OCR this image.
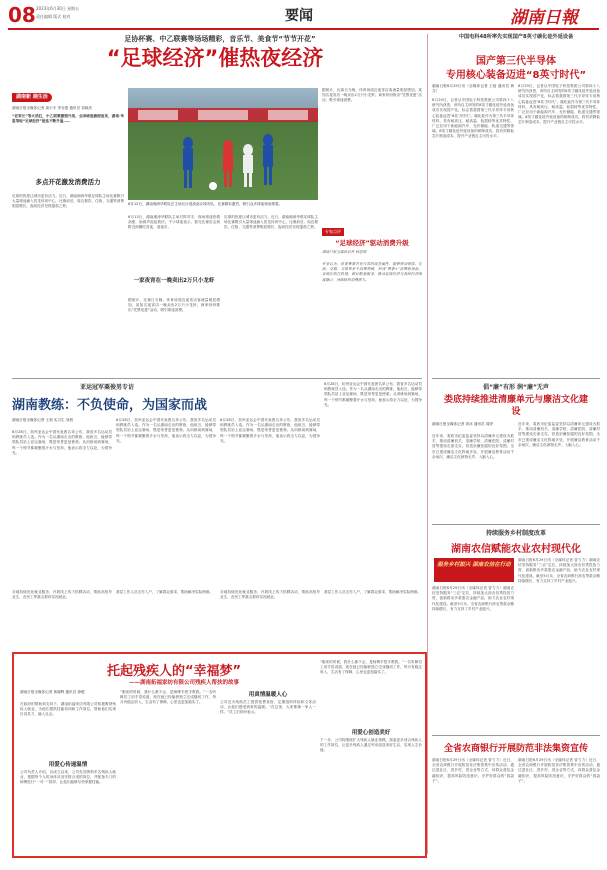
08 2023年6月30日 星期五
责任编辑 版式 校对	要闻	湖南日報
足协杯赛、中乙联赛等场场精彩，音乐节、美食节“节节开花”
“足球经济”催热夜经济
湖南新 湘生活
湖南日报全媒体记者 周小丰 李友强 通讯员 邹晓庆
“老家长”等火热红，中乙联赛激情开战，全国球迷蜂拥而来，湖南·华夏等地“足球经济”接连不断升温……
多点开花激发消费活力
足球的热度让城市更有活力。近日，湖南湘涛华联足球队主场比赛吸引大量球迷涌入贺龙体育中心，比赛前后，周边餐饮、住宿、交通等消费明显增长，夜间经济呈现蓬勃之势。
6月12日，湖南湘涛华联队在主场长沙迎战南京城市队，比赛精彩激烈，吸引众多球迷现场观看。
6月13日，湖南湘涛华联队主场对阵对手，现场球迷热情高涨，助威声此起彼伏。不少球迷表示，看完比赛后会到附近商圈吃宵夜、逛夜市。
一家夜宵在一晚卖出2万只小龙虾
据统计，比赛日当晚，体育场周边夜宵店客流量明显增加，某知名夜宵店一晚卖出2万只小龙虾。商家纷纷推出“凭票优惠”活动，吸引球迷消费。
足球的热度让城市更有活力。近日，湖南湘涛华联足球队主场比赛吸引大量球迷涌入贺龙体育中心，比赛前后，周边餐饮、住宿、交通等消费明显增长，夜间经济呈现蓬勃之势。
据统计，比赛日当晚，体育场周边夜宵店客流量明显增加，某知名夜宵店一晚卖出2万只小龙虾。商家纷纷推出“凭票优惠”活动，吸引球迷消费。
专家点评
“足球经济”驱动消费升级
湖南日报全媒体记者 杨思琪
专家认为，体育赛事具有天然的流量属性，能够带动餐饮、住宿、交通、文旅等多个消费领域，形成“赛事+”消费新场景。各地应抓住机遇，做好配套服务，推动足球经济与夜间经济深度融合，持续释放消费潜力。
中国电科48所率先实现国产8英寸碳化硅外延设备
国产第三代半导体
专用核心装备迈进“8英寸时代”
湖南日报6月29日讯（全媒体记者 王晗 通讯员 黄芬）
6月29日，记者从中国电子科技集团公司第四十八研究所获悉，该所自主研发的8英寸碳化硅外延设备成功实现国产化，标志着我国第三代半导体专用核心装备迈进“8英寸时代”。碳化硅作为第三代半导体材料，具有耐高压、耐高温、低损耗等优异特性，广泛应用于新能源汽车、光伏储能、轨道交通等领域。8英寸碳化硅外延设备的研制成功，将有效降低芯片制造成本，提升产业链自主可控水平。
6月29日，记者从中国电子科技集团公司第四十八研究所获悉，该所自主研发的8英寸碳化硅外延设备成功实现国产化，标志着我国第三代半导体专用核心装备迈进“8英寸时代”。碳化硅作为第三代半导体材料，具有耐高压、耐高温、低损耗等优异特性，广泛应用于新能源汽车、光伏储能、轨道交通等领域。8英寸碳化硅外延设备的研制成功，将有效降低芯片制造成本，提升产业链自主可控水平。
倡“廉”有形 润“廉”无声
娄底持续推进清廉单元与廉洁文化建设
湖南日报全媒体记者 刘冰 通讯员 周婷
近年来，娄底市纪委监委坚持以清廉单元建设为抓手，推动清廉机关、清廉学校、清廉医院、清廉村居等建设走深走实，营造崇廉拒腐的良好氛围。全市已建成廉洁文化阵地多处，开展廉洁教育活动千余场次，廉洁文化润物无声、入脑入心。
近年来，娄底市纪委监委坚持以清廉单元建设为抓手，推动清廉机关、清廉学校、清廉医院、清廉村居等建设走深走实，营造崇廉拒腐的良好氛围。全市已建成廉洁文化阵地多处，开展廉洁教育活动千余场次，廉洁文化润物无声、入脑入心。
持续服务乡村制度改革
湖南农信赋能农业农村现代化
服务乡村振兴 湖南农信在行动
湖南日报6月29日讯（全媒体记者 曾力力）湖南农信坚持服务“三农”定位，持续加大涉农信贷投放力度，创新推出多款惠农金融产品，助力农业农村现代化建设。截至5月末，全省农商银行涉农贷款余额持续增长，有力支持了乡村产业振兴。
湖南日报6月29日讯（全媒体记者 曾力力）湖南农信坚持服务“三农”定位，持续加大涉农信贷投放力度，创新推出多款惠农金融产品，助力农业农村现代化建设。截至5月末，全省农商银行涉农贷款余额持续增长，有力支持了乡村产业振兴。
全省农商银行开展防范非法集资宣传
湖南日报6月29日讯（全媒体记者 曾力力）近日，全省农商银行开展防范非法集资集中宣传活动，通过进社区、进乡村、进企业等方式，向群众普及金融知识，提高风险防范意识，守护好群众的“钱袋子”。
湖南日报6月29日讯（全媒体记者 曾力力）近日，全省农商银行开展防范非法集资集中宣传活动，通过进社区、进乡村、进企业等方式，向群众普及金融知识，提高风险防范意识，守护好群众的“钱袋子”。
亚运冠军粟俊男专访
湖南教练：不负使命，为国家而战
湖南日报全媒体记者 王莉 实习生 刘晨
6月28日，杭州亚运会中国代表团名单公布，我省多名运动员和教练员入选。作为一名从湖南走出的教练，他坦言，能够带领队员站上亚运赛场，既是荣誉更是使命。从训练场到赛场，每一个细节都凝聚着汗水与坚持，他表示将全力以赴，为国争光。
6月28日，杭州亚运会中国代表团名单公布，我省多名运动员和教练员入选。作为一名从湖南走出的教练，他坦言，能够带领队员站上亚运赛场，既是荣誉更是使命。从训练场到赛场，每一个细节都凝聚着汗水与坚持，他表示将全力以赴，为国争光。
6月28日，杭州亚运会中国代表团名单公布，我省多名运动员和教练员入选。作为一名从湖南走出的教练，他坦言，能够带领队员站上亚运赛场，既是荣誉更是使命。从训练场到赛场，每一个细节都凝聚着汗水与坚持，他表示将全力以赴，为国争光。
6月28日，杭州亚运会中国代表团名单公布，我省多名运动员和教练员入选。作为一名从湖南走出的教练，他坦言，能够带领队员站上亚运赛场，既是荣誉更是使命。从训练场到赛场，每一个细节都凝聚着汗水与坚持，他表示将全力以赴，为国争光。
各地持续优化就业服务，开展线上线下招聘活动，帮助高校毕业生、农民工等重点群体实现就业。
基层工作人员走村入户，了解群众需求，帮助解决实际困难。	各地持续优化就业服务，开展线上线下招聘活动，帮助高校毕业生、农民工等重点群体实现就业。
基层工作人员走村入户，了解群众需求，帮助解决实际困难。
托起残疾人的“幸福梦”
——湖南拓福家纺有限公司残疾人帮扶的故事
湖南日报全媒体记者 黄晓辉 通讯员 徐德
在政府的帮助和支持下，湖南拓福家纺有限公司积极吸纳残疾人就业，为他们提供技能培训和工作岗位，帮助他们实现自食其力、融入社会。
用爱心传递温情
公司负责人介绍，自成立以来，公司先后吸纳多名残疾人就业，根据每个人的身体状况安排合适的岗位，并配备专门的师傅进行“一对一”指导，让他们能够尽快掌握技能。
“刚来的时候，我什么都不会，是师傅手把手教我。”一名听障员工用手语说道，现在她已经能够独立完成缝纫工作，每月有稳定收入，生活有了保障，心里也更加踏实了。
用真情温暖人心
公司还为残疾员工提供免费食宿、定期组织体检和文体活动，让他们感受到家的温暖。“在这里，大家都像一家人一样。”员工们纷纷表示。
“刚来的时候，我什么都不会，是师傅手把手教我。”一名听障员工用手语说道，现在她已经能够独立完成缝纫工作，每月有稳定收入，生活有了保障，心里也更加踏实了。
用爱心创造美好
下一步，公司将继续扩大残疾人就业规模，探索更多适合残疾人的工作岗位，让更多残疾人通过劳动创造美好生活，实现人生价值。
